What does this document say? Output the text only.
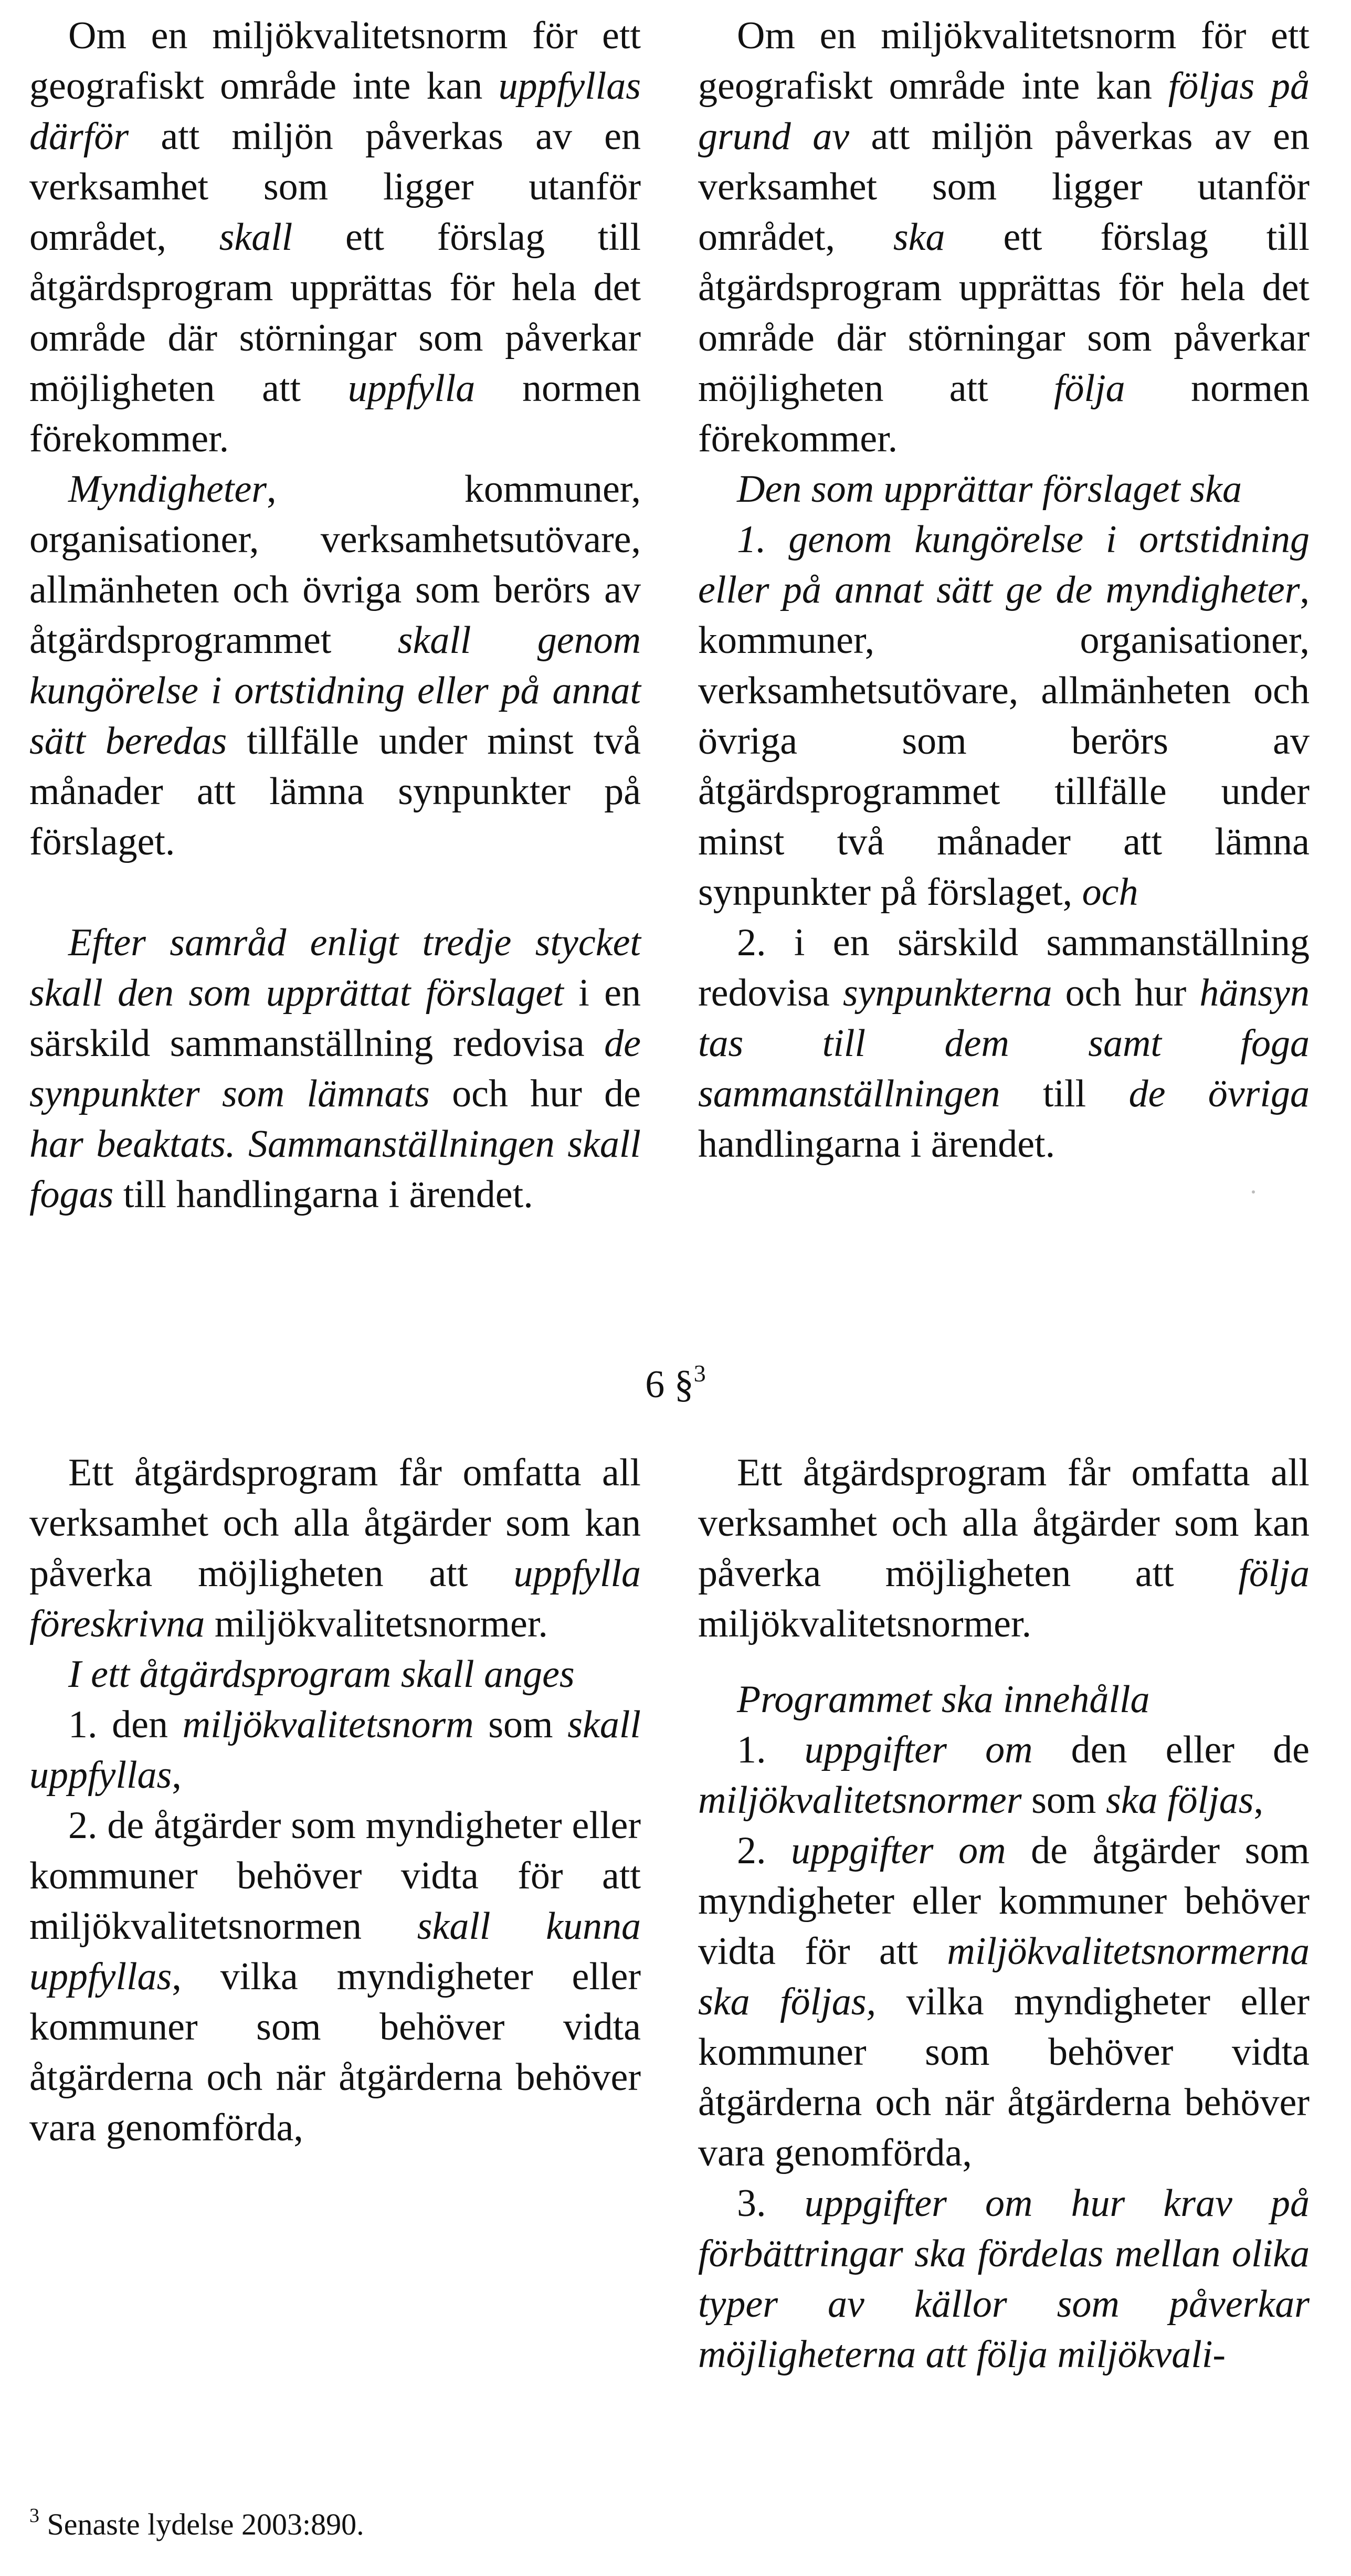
Om en miljökvalitetsnorm för ett geografiskt område inte kan uppfyllas därför att miljön påverkas av en verksamhet som ligger utanför området, skall ett förslag till åtgärdsprogram upprättas för hela det område där störningar som påverkar möjligheten att uppfylla normen förekommer.

Myndigheter, kommuner, organisationer, verksamhetsutövare, allmänheten och övriga som berörs av åtgärdsprogrammet skall genom kungörelse i ortstidning eller på annat sätt beredas tillfälle under minst två månader att lämna synpunkter på förslaget.

Efter samråd enligt tredje stycket skall den som upprättat förslaget i en särskild sammanställning redovisa de synpunkter som lämnats och hur de har beaktats. Sammanställningen skall fogas till handlingarna i ärendet.

Om en miljökvalitetsnorm för ett geografiskt område inte kan följas på grund av att miljön påverkas av en verksamhet som ligger utanför området, ska ett förslag till åtgärdsprogram upprättas för hela det område där störningar som påverkar möjligheten att följa normen förekommer.

Den som upprättar förslaget ska

1. genom kungörelse i ortstidning eller på annat sätt ge de myndigheter, kommuner, organisationer, verksamhetsutövare, allmänheten och övriga som berörs av åtgärdsprogrammet tillfälle under minst två månader att lämna synpunkter på förslaget, och

2. i en särskild sammanställning redovisa synpunkterna och hur hänsyn tas till dem samt foga sammanställningen till de övriga handlingarna i ärendet.

6 §$^3$

Ett åtgärdsprogram får omfatta all verksamhet och alla åtgärder som kan påverka möjligheten att uppfylla föreskrivna miljökvalitetsnormer.

I ett åtgärdsprogram skall anges

1. den miljökvalitetsnorm som skall uppfyllas,

2. de åtgärder som myndigheter eller kommuner behöver vidta för att miljökvalitetsnormen skall kunna uppfyllas, vilka myndigheter eller kommuner som behöver vidta åtgärderna och när åtgärderna behöver vara genomförda,

Ett åtgärdsprogram får omfatta all verksamhet och alla åtgärder som kan påverka möjligheten att följa miljökvalitetsnormer.

Programmet ska innehålla

1. uppgifter om den eller de miljökvalitetsnormer som ska följas,

2. uppgifter om de åtgärder som myndigheter eller kommuner behöver vidta för att miljökvalitetsnormerna ska följas, vilka myndigheter eller kommuner som behöver vidta åtgärderna och när åtgärderna behöver vara genomförda,

3. uppgifter om hur krav på förbättringar ska fördelas mellan olika typer av källor som påverkar möjligheterna att följa miljökvali-

$^3$ Senaste lydelse 2003:890.
